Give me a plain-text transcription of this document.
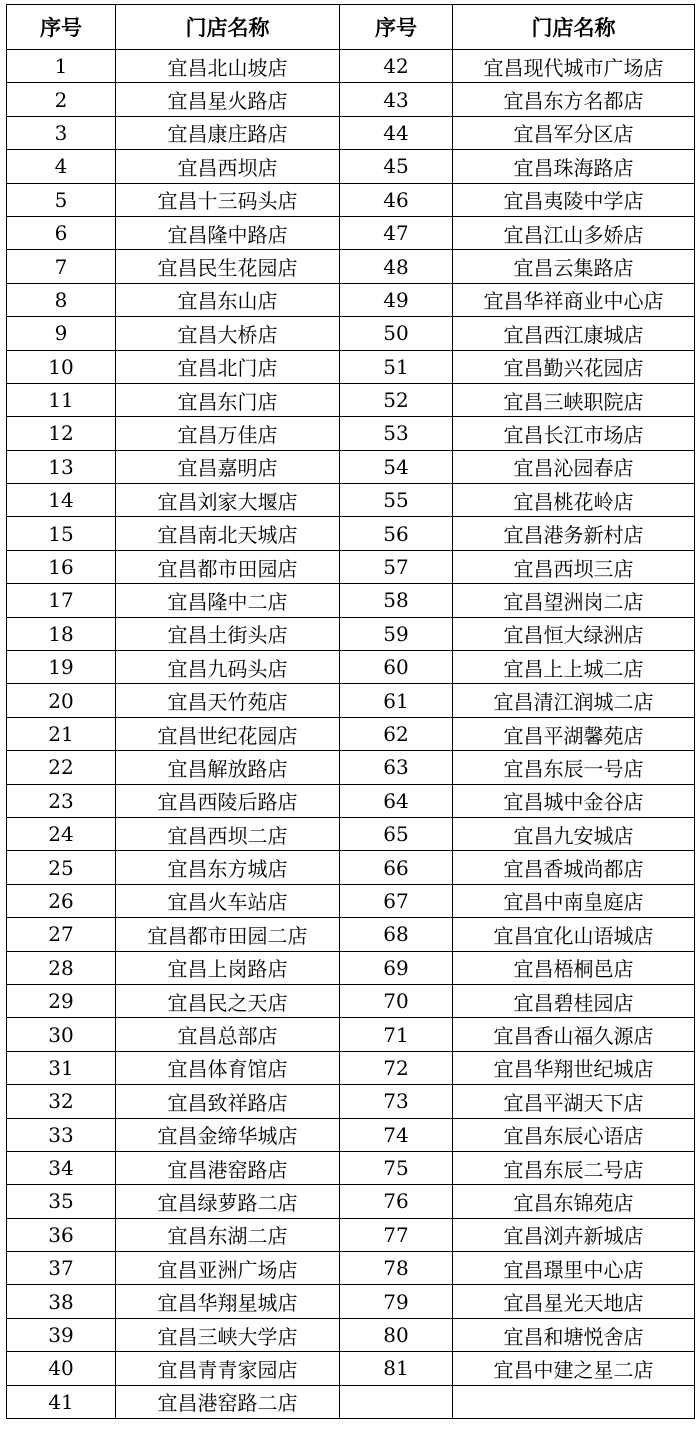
序号	门店名称	序号	门店名称
1	宜昌北山坡店	42	宜昌现代城市广场店
2	宜昌星火路店	43	宜昌东方名都店
3	宜昌康庄路店	44	宜昌军分区店
4	宜昌西坝店	45	宜昌珠海路店
5	宜昌十三码头店	46	宜昌夷陵中学店
6	宜昌隆中路店	47	宜昌江山多娇店
7	宜昌民生花园店	48	宜昌云集路店
8	宜昌东山店	49	宜昌华祥商业中心店
9	宜昌大桥店	50	宜昌西江康城店
10	宜昌北门店	51	宜昌勤兴花园店
11	宜昌东门店	52	宜昌三峡职院店
12	宜昌万佳店	53	宜昌长江市场店
13	宜昌嘉明店	54	宜昌沁园春店
14	宜昌刘家大堰店	55	宜昌桃花岭店
15	宜昌南北天城店	56	宜昌港务新村店
16	宜昌都市田园店	57	宜昌西坝三店
17	宜昌隆中二店	58	宜昌望洲岗二店
18	宜昌土街头店	59	宜昌恒大绿洲店
19	宜昌九码头店	60	宜昌上上城二店
20	宜昌天竹苑店	61	宜昌清江润城二店
21	宜昌世纪花园店	62	宜昌平湖馨苑店
22	宜昌解放路店	63	宜昌东辰一号店
23	宜昌西陵后路店	64	宜昌城中金谷店
24	宜昌西坝二店	65	宜昌九安城店
25	宜昌东方城店	66	宜昌香城尚都店
26	宜昌火车站店	67	宜昌中南皇庭店
27	宜昌都市田园二店	68	宜昌宜化山语城店
28	宜昌上岗路店	69	宜昌梧桐邑店
29	宜昌民之天店	70	宜昌碧桂园店
30	宜昌总部店	71	宜昌香山福久源店
31	宜昌体育馆店	72	宜昌华翔世纪城店
32	宜昌致祥路店	73	宜昌平湖天下店
33	宜昌金缔华城店	74	宜昌东辰心语店
34	宜昌港窑路店	75	宜昌东辰二号店
35	宜昌绿萝路二店	76	宜昌东锦苑店
36	宜昌东湖二店	77	宜昌浏卉新城店
37	宜昌亚洲广场店	78	宜昌璟里中心店
38	宜昌华翔星城店	79	宜昌星光天地店
39	宜昌三峡大学店	80	宜昌和塘悦舍店
40	宜昌青青家园店	81	宜昌中建之星二店
41	宜昌港窑路二店		
